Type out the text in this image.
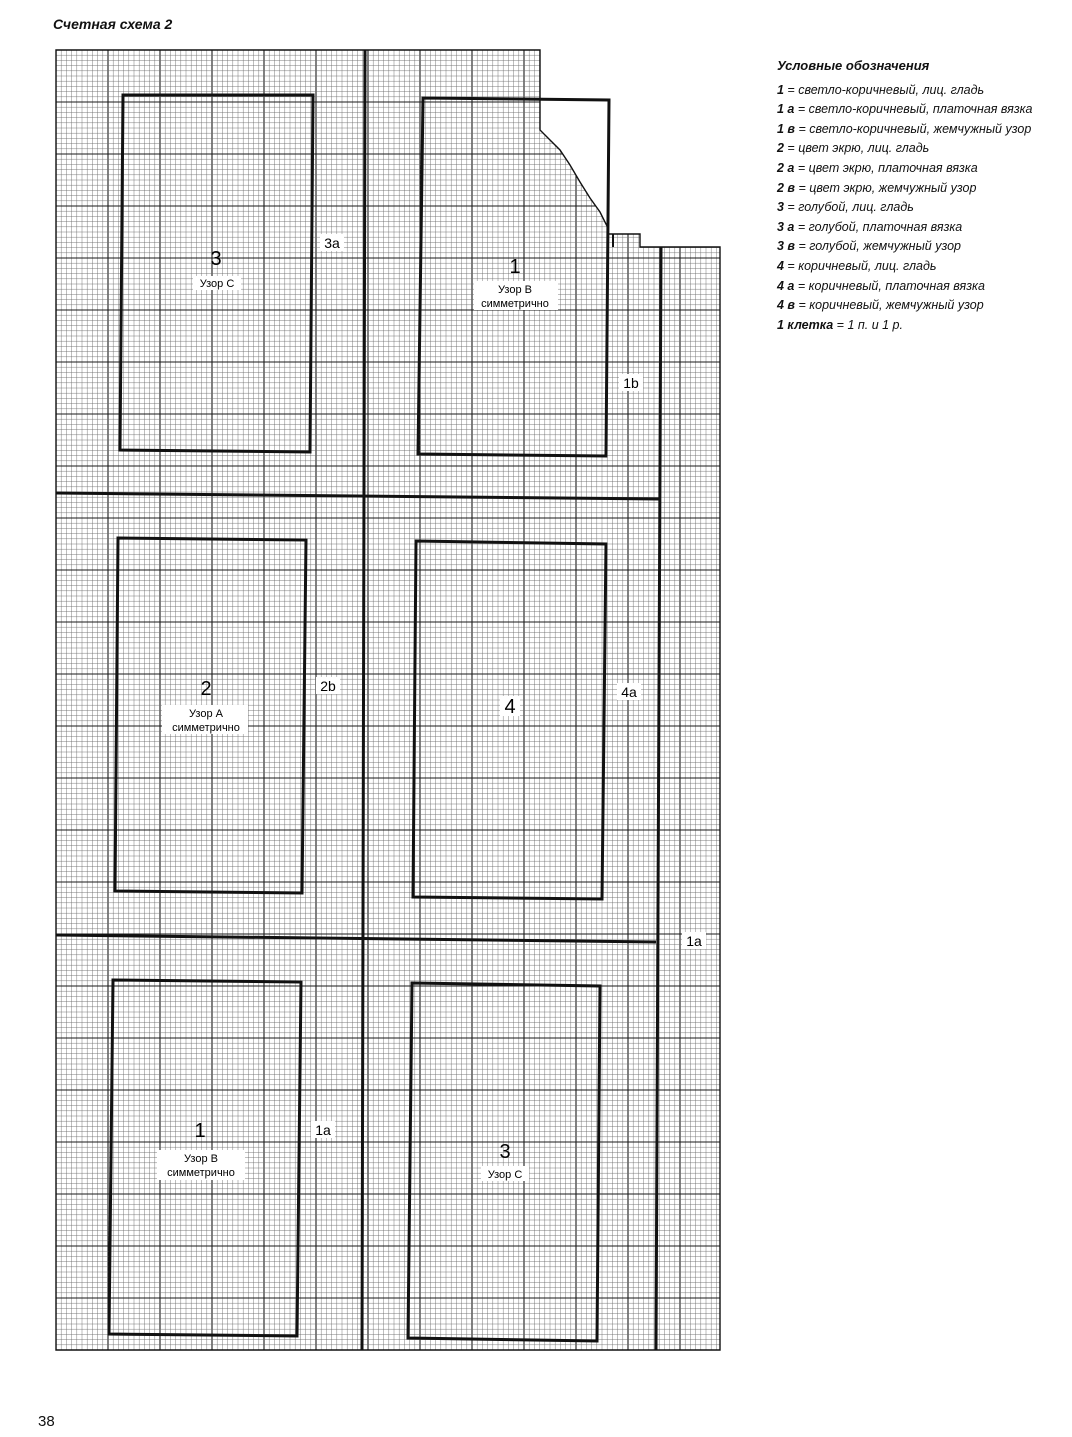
Счетная схема 2
3
Узор С
1
Узор В
симметрично
2
Узор А
симметрично
4
1
Узор В
симметрично
3
Узор С
3a
1b
2b	4a
1a
1a
Условные обозначения
1 = светло-коричневый, лиц. гладь
1 а = светло-коричневый, платочная вязка
1 в = светло-коричневый, жемчужный узор
2 = цвет экрю, лиц. гладь
2 а = цвет экрю, платочная вязка
2 в = цвет экрю, жемчужный узор
3 = голубой, лиц. гладь
3 а = голубой, платочная вязка
3 в = голубой, жемчужный узор
4 = коричневый, лиц. гладь
4 а = коричневый, платочная вязка
4 в = коричневый, жемчужный узор
1 клетка = 1 п. и 1 р.
38
